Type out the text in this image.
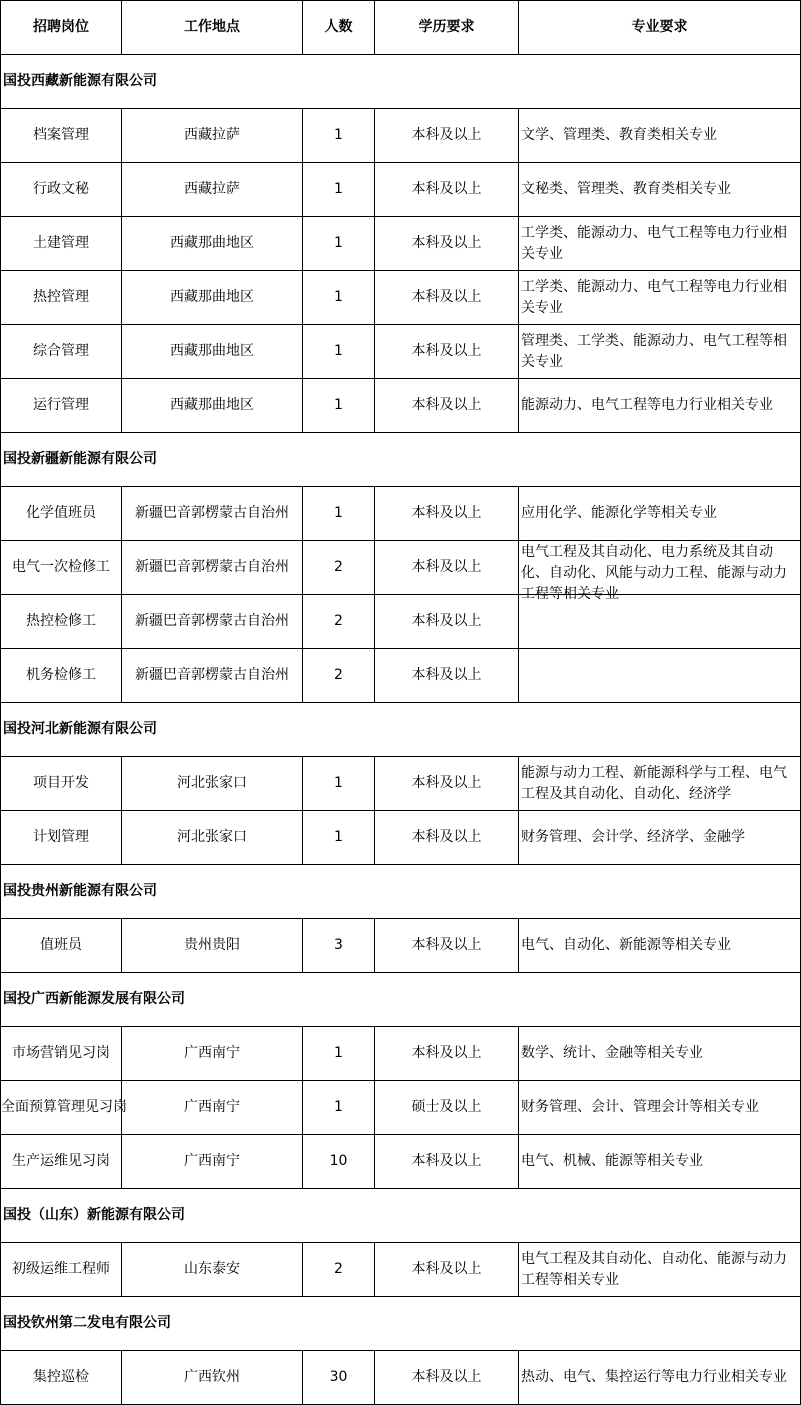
招聘岗位	工作地点	人数	学历要求	专业要求
国投西藏新能源有限公司				
档案管理	西藏拉萨	1	本科及以上	文学、管理类、教育类相关专业

行政文秘	西藏拉萨	1	本科及以上	文秘类、管理类、教育类相关专业

土建管理	西藏那曲地区	1	本科及以上	工学类、能源动力、电气工程等电力行业相关专业

热控管理	西藏那曲地区	1	本科及以上	工学类、能源动力、电气工程等电力行业相关专业

综合管理	西藏那曲地区	1	本科及以上	管理类、工学类、能源动力、电气工程等相关专业

运行管理	西藏那曲地区	1	本科及以上	能源动力、电气工程等电力行业相关专业

国投新疆新能源有限公司				
化学值班员	新疆巴音郭楞蒙古自治州	1	本科及以上	应用化学、能源化学等相关专业

电气一次检修工	新疆巴音郭楞蒙古自治州	2	本科及以上	电气工程及其自动化、电力系统及其自动化、自动化、风能与动力工程、能源与动力工程等相关专业

热控检修工	新疆巴音郭楞蒙古自治州	2	本科及以上	

机务检修工	新疆巴音郭楞蒙古自治州	2	本科及以上	

国投河北新能源有限公司				
项目开发	河北张家口	1	本科及以上	能源与动力工程、新能源科学与工程、电气工程及其自动化、自动化、经济学

计划管理	河北张家口	1	本科及以上	财务管理、会计学、经济学、金融学

国投贵州新能源有限公司				
值班员	贵州贵阳	3	本科及以上	电气、自动化、新能源等相关专业

国投广西新能源发展有限公司				
市场营销见习岗	广西南宁	1	本科及以上	数学、统计、金融等相关专业

全面预算管理见习岗	广西南宁	1	硕士及以上	财务管理、会计、管理会计等相关专业

生产运维见习岗	广西南宁	10	本科及以上	电气、机械、能源等相关专业

国投（山东）新能源有限公司				
初级运维工程师	山东泰安	2	本科及以上	电气工程及其自动化、自动化、能源与动力工程等相关专业

国投钦州第二发电有限公司				
集控巡检	广西钦州	30	本科及以上	热动、电气、集控运行等电力行业相关专业
